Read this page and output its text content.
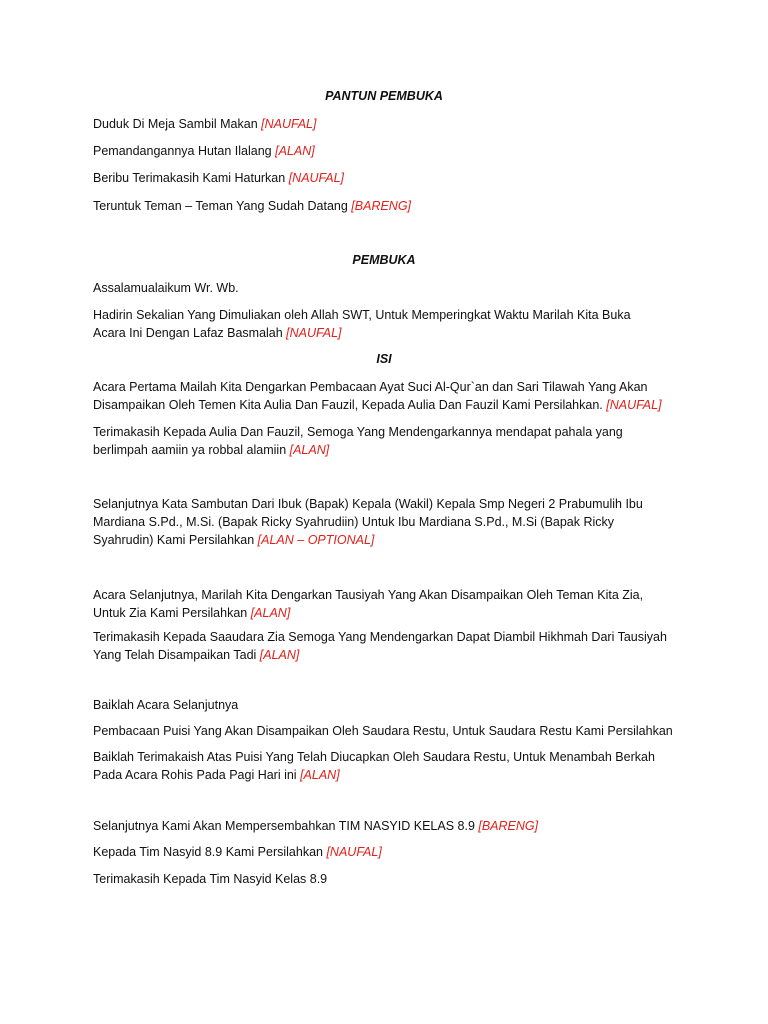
PANTUN PEMBUKA
Duduk Di Meja Sambil Makan [NAUFAL]
Pemandangannya Hutan Ilalang [ALAN]
Beribu Terimakasih Kami Haturkan [NAUFAL]
Teruntuk Teman – Teman Yang Sudah Datang [BARENG]
PEMBUKA
Assalamualaikum Wr. Wb.
Hadirin Sekalian Yang Dimuliakan oleh Allah SWT, Untuk Memperingkat Waktu Marilah Kita Buka
Acara Ini Dengan Lafaz Basmalah [NAUFAL]
ISI
Acara Pertama Mailah Kita Dengarkan Pembacaan Ayat Suci Al-Qur`an dan Sari Tilawah Yang Akan
Disampaikan Oleh Temen Kita Aulia Dan Fauzil, Kepada Aulia Dan Fauzil Kami Persilahkan. [NAUFAL]
Terimakasih Kepada Aulia Dan Fauzil, Semoga Yang Mendengarkannya mendapat pahala yang
berlimpah aamiin ya robbal alamiin [ALAN]
Selanjutnya Kata Sambutan Dari Ibuk (Bapak) Kepala (Wakil) Kepala Smp Negeri 2 Prabumulih Ibu
Mardiana S.Pd., M.Si. (Bapak Ricky Syahrudiin) Untuk Ibu Mardiana S.Pd., M.Si (Bapak Ricky
Syahrudin) Kami Persilahkan [ALAN – OPTIONAL]
Acara Selanjutnya, Marilah Kita Dengarkan Tausiyah Yang Akan Disampaikan Oleh Teman Kita Zia,
Untuk Zia Kami Persilahkan [ALAN]
Terimakasih Kepada Saaudara Zia Semoga Yang Mendengarkan Dapat Diambil Hikhmah Dari Tausiyah
Yang Telah Disampaikan Tadi [ALAN]
Baiklah Acara Selanjutnya
Pembacaan Puisi Yang Akan Disampaikan Oleh Saudara Restu, Untuk Saudara Restu Kami Persilahkan
Baiklah Terimakaish Atas Puisi Yang Telah Diucapkan Oleh Saudara Restu, Untuk Menambah Berkah
Pada Acara Rohis Pada Pagi Hari ini [ALAN]
Selanjutnya Kami Akan Mempersembahkan TIM NASYID KELAS 8.9 [BARENG]
Kepada Tim Nasyid 8.9 Kami Persilahkan [NAUFAL]
Terimakasih Kepada Tim Nasyid Kelas 8.9
